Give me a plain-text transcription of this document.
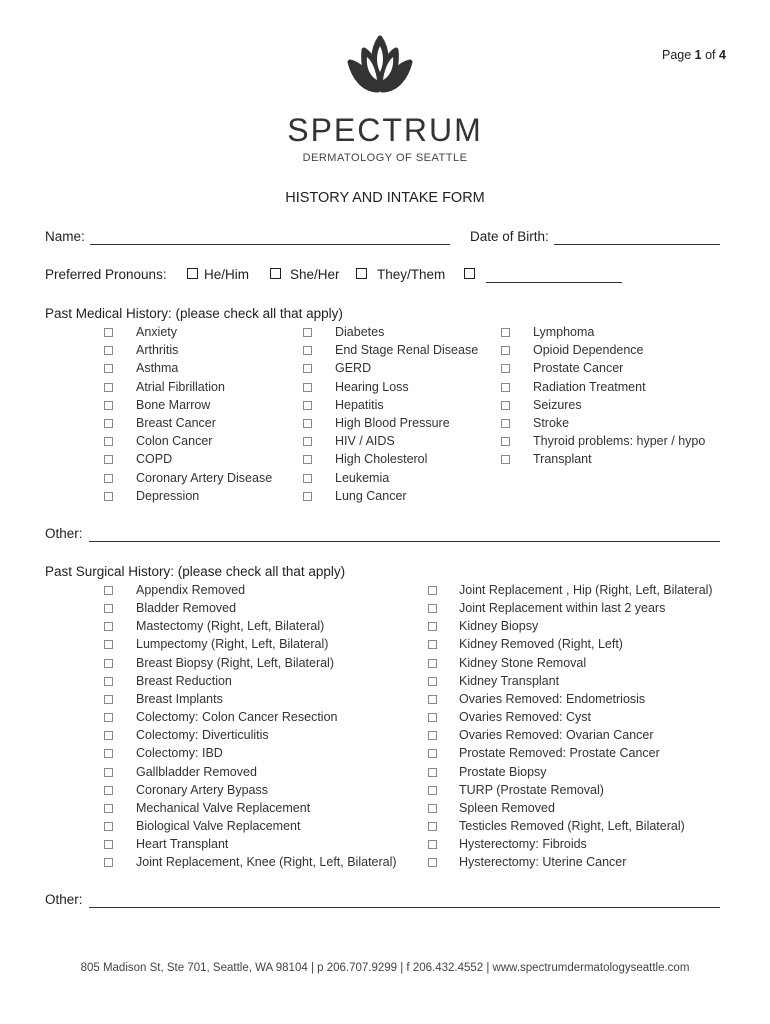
Page 1 of 4
SPECTRUM
DERMATOLOGY OF SEATTLE
HISTORY AND INTAKE FORM
Name:	Date of Birth:
Preferred Pronouns:	He/Him	She/Her	They/Them
Past Medical History: (please check all that apply)
Anxiety
Arthritis
Asthma
Atrial Fibrillation
Bone Marrow
Breast Cancer
Colon Cancer
COPD
Coronary Artery Disease
Depression
Diabetes
End Stage Renal Disease
GERD
Hearing Loss
Hepatitis
High Blood Pressure
HIV / AIDS
High Cholesterol
Leukemia
Lung Cancer
Lymphoma
Opioid Dependence
Prostate Cancer
Radiation Treatment
Seizures
Stroke
Thyroid problems: hyper / hypo
Transplant
Other:
Past Surgical History: (please check all that apply)
Appendix Removed
Bladder Removed
Mastectomy (Right, Left, Bilateral)
Lumpectomy (Right, Left, Bilateral)
Breast Biopsy (Right, Left, Bilateral)
Breast Reduction
Breast Implants
Colectomy: Colon Cancer Resection
Colectomy: Diverticulitis
Colectomy: IBD
Gallbladder Removed
Coronary Artery Bypass
Mechanical Valve Replacement
Biological Valve Replacement
Heart Transplant
Joint Replacement, Knee (Right, Left, Bilateral)
Joint Replacement , Hip (Right, Left, Bilateral)
Joint Replacement within last 2 years
Kidney Biopsy
Kidney Removed (Right, Left)
Kidney Stone Removal
Kidney Transplant
Ovaries Removed: Endometriosis
Ovaries Removed: Cyst
Ovaries Removed: Ovarian Cancer
Prostate Removed: Prostate Cancer
Prostate Biopsy
TURP (Prostate Removal)
Spleen Removed
Testicles Removed (Right, Left, Bilateral)
Hysterectomy: Fibroids
Hysterectomy: Uterine Cancer
Other:
805 Madison St, Ste 701, Seattle, WA 98104 | p 206.707.9299 | f 206.432.4552 | www.spectrumdermatologyseattle.com
